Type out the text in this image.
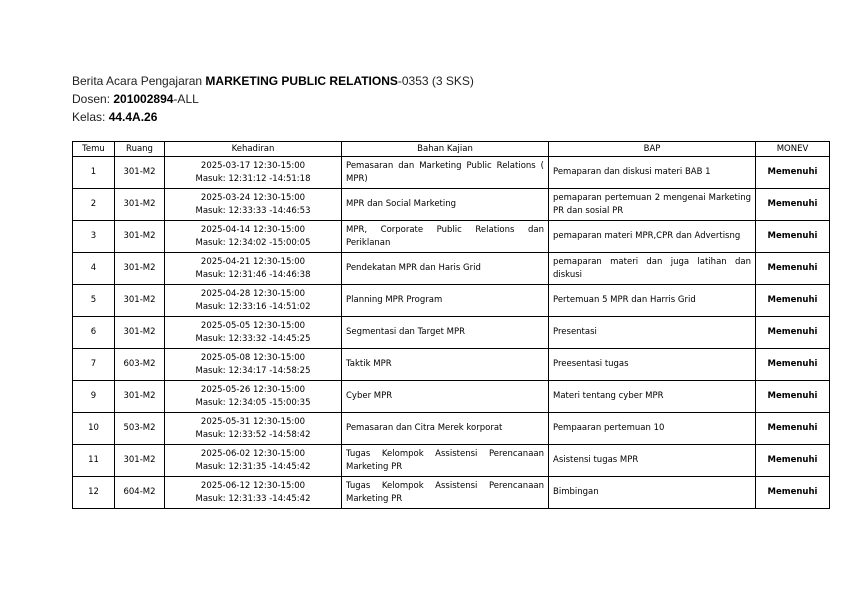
Berita Acara Pengajaran MARKETING PUBLIC RELATIONS-0353 (3 SKS)
Dosen: 201002894-ALL
Kelas: 44.4A.26
Temu	Ruang	Kehadiran	Bahan Kajian	BAP	MONEV
1	301-M2	2025-03-17 12:30-15:00
Masuk: 12:31:12 -14:51:18	Pemasaran dan Marketing Public Relations ( MPR)	Pemaparan dan diskusi materi BAB 1	Memenuhi
2	301-M2	2025-03-24 12:30-15:00
Masuk: 12:33:33 -14:46:53	MPR dan Social Marketing	pemaparan pertemuan 2 mengenai Marketing PR dan sosial PR	Memenuhi
3	301-M2	2025-04-14 12:30-15:00
Masuk: 12:34:02 -15:00:05	MPR, Corporate Public Relations dan Periklanan	pemaparan materi MPR,CPR dan Advertisng	Memenuhi
4	301-M2	2025-04-21 12:30-15:00
Masuk: 12:31:46 -14:46:38	Pendekatan MPR dan Haris Grid	pemaparan materi dan juga latihan dan diskusi	Memenuhi
5	301-M2	2025-04-28 12:30-15:00
Masuk: 12:33:16 -14:51:02	Planning MPR Program	Pertemuan 5 MPR dan Harris Grid	Memenuhi
6	301-M2	2025-05-05 12:30-15:00
Masuk: 12:33:32 -14:45:25	Segmentasi dan Target MPR	Presentasi	Memenuhi
7	603-M2	2025-05-08 12:30-15:00
Masuk: 12:34:17 -14:58:25	Taktik MPR	Preesentasi tugas	Memenuhi
9	301-M2	2025-05-26 12:30-15:00
Masuk: 12:34:05 -15:00:35	Cyber MPR	Materi tentang cyber MPR	Memenuhi
10	503-M2	2025-05-31 12:30-15:00
Masuk: 12:33:52 -14:58:42	Pemasaran dan Citra Merek korporat	Pempaaran pertemuan 10	Memenuhi
11	301-M2	2025-06-02 12:30-15:00
Masuk: 12:31:35 -14:45:42	Tugas Kelompok Assistensi Perencanaan Marketing PR	Asistensi tugas MPR	Memenuhi
12	604-M2	2025-06-12 12:30-15:00
Masuk: 12:31:33 -14:45:42	Tugas Kelompok Assistensi Perencanaan Marketing PR	Bimbingan	Memenuhi
